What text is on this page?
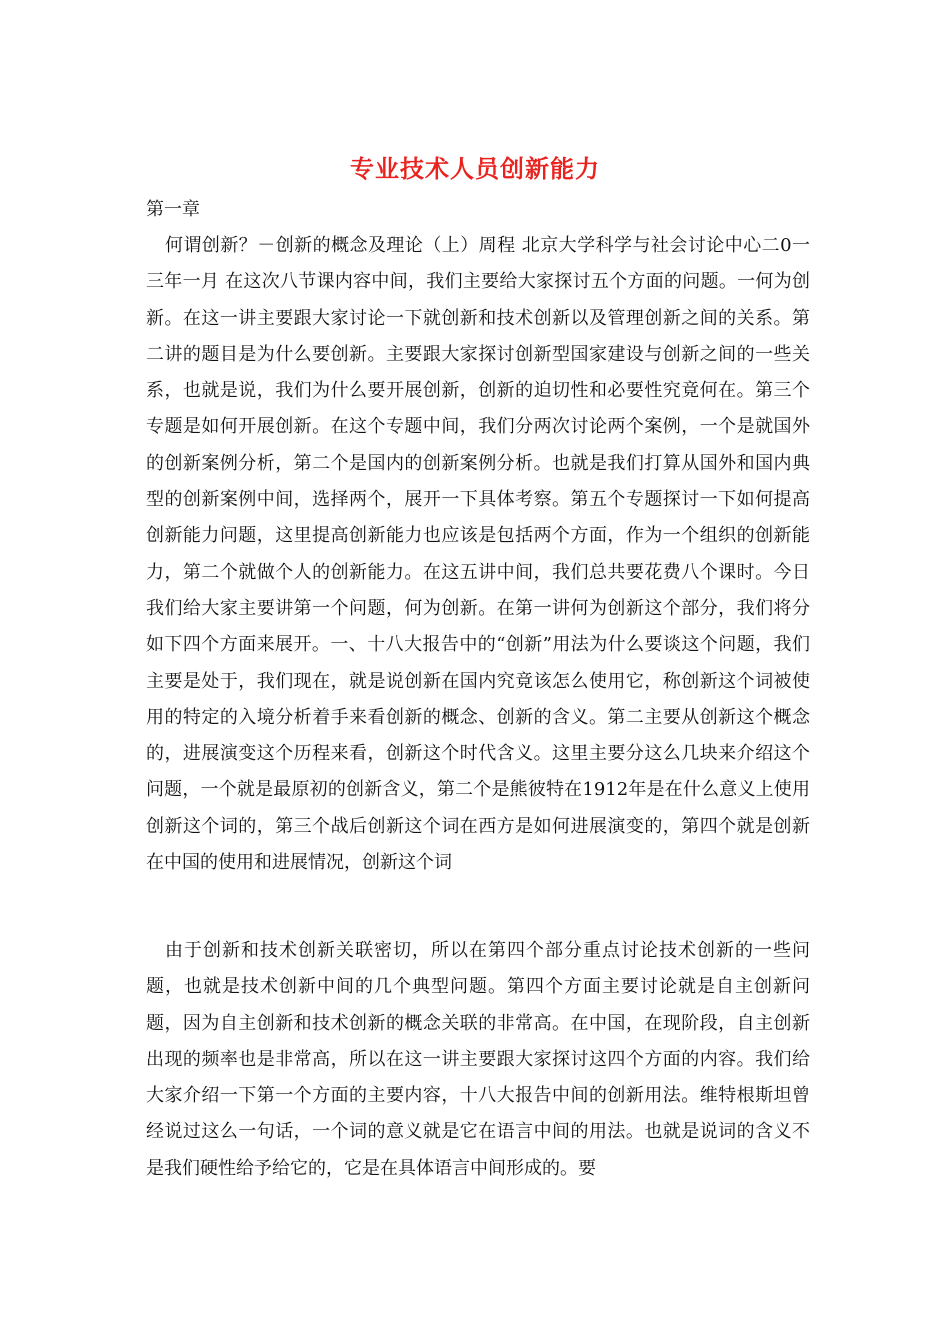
专业技术人员创新能力
第一章

何谓创新？－创新的概念及理论（上）周程 北京大学科学与社会讨论中心二0一三年一月 在这次八节课内容中间，我们主要给大家探讨五个方面的问题。一何为创新。在这一讲主要跟大家讨论一下就创新和技术创新以及管理创新之间的关系。第二讲的题目是为什么要创新。主要跟大家探讨创新型国家建设与创新之间的一些关系，也就是说，我们为什么要开展创新，创新的迫切性和必要性究竟何在。第三个专题是如何开展创新。在这个专题中间，我们分两次讨论两个案例，一个是就国外的创新案例分析，第二个是国内的创新案例分析。也就是我们打算从国外和国内典型的创新案例中间，选择两个，展开一下具体考察。第五个专题探讨一下如何提高创新能力问题，这里提高创新能力也应该是包括两个方面，作为一个组织的创新能力，第二个就做个人的创新能力。在这五讲中间，我们总共要花费八个课时。今日我们给大家主要讲第一个问题，何为创新。在第一讲何为创新这个部分，我们将分如下四个方面来展开。一、十八大报告中的“创新”用法为什么要谈这个问题，我们主要是处于，我们现在，就是说创新在国内究竟该怎么使用它，称创新这个词被使用的特定的入境分析着手来看创新的概念、创新的含义。第二主要从创新这个概念的，进展演变这个历程来看，创新这个时代含义。这里主要分这么几块来介绍这个问题，一个就是最原初的创新含义，第二个是熊彼特在1912年是在什么意义上使用创新这个词的，第三个战后创新这个词在西方是如何进展演变的，第四个就是创新在中国的使用和进展情况，创新这个词

由于创新和技术创新关联密切，所以在第四个部分重点讨论技术创新的一些问题，也就是技术创新中间的几个典型问题。第四个方面主要讨论就是自主创新问题，因为自主创新和技术创新的概念关联的非常高。在中国，在现阶段，自主创新出现的频率也是非常高，所以在这一讲主要跟大家探讨这四个方面的内容。我们给大家介绍一下第一个方面的主要内容，十八大报告中间的创新用法。维特根斯坦曾经说过这么一句话，一个词的意义就是它在语言中间的用法。也就是说词的含义不是我们硬性给予给它的，它是在具体语言中间形成的。要
